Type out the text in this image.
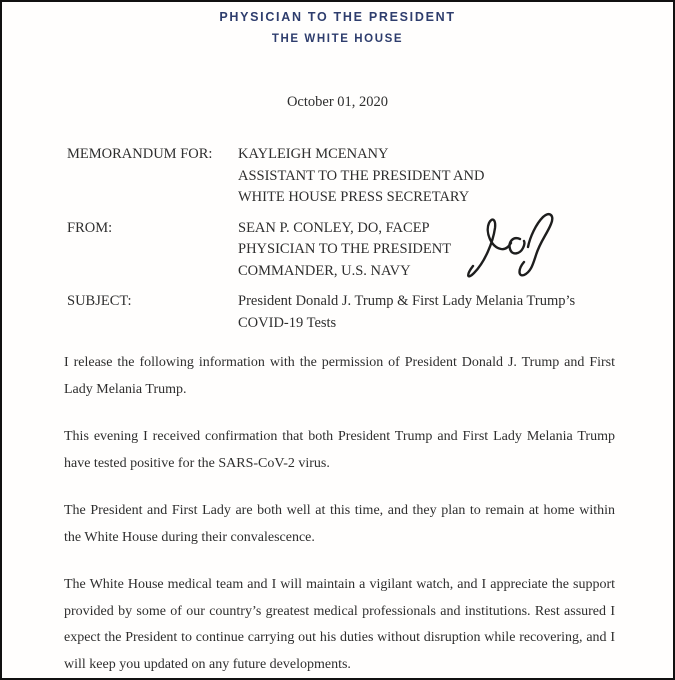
PHYSICIAN TO THE PRESIDENT
THE WHITE HOUSE
October 01, 2020
MEMORANDUM FOR:	KAYLEIGH MCENANY
ASSISTANT TO THE PRESIDENT AND
WHITE HOUSE PRESS SECRETARY
FROM:	SEAN P. CONLEY, DO, FACEP
PHYSICIAN TO THE PRESIDENT
COMMANDER, U.S. NAVY
SUBJECT:	President Donald J. Trump & First Lady Melania Trump’s
COVID-19 Tests

I release the following information with the permission of President Donald J. Trump and First Lady Melania Trump.

This evening I received confirmation that both President Trump and First Lady Melania Trump have tested positive for the SARS-CoV-2 virus.

The President and First Lady are both well at this time, and they plan to remain at home within the White House during their convalescence.

The White House medical team and I will maintain a vigilant watch, and I appreciate the support provided by some of our country’s greatest medical professionals and institutions. Rest assured I expect the President to continue carrying out his duties without disruption while recovering, and I will keep you updated on any future developments.
